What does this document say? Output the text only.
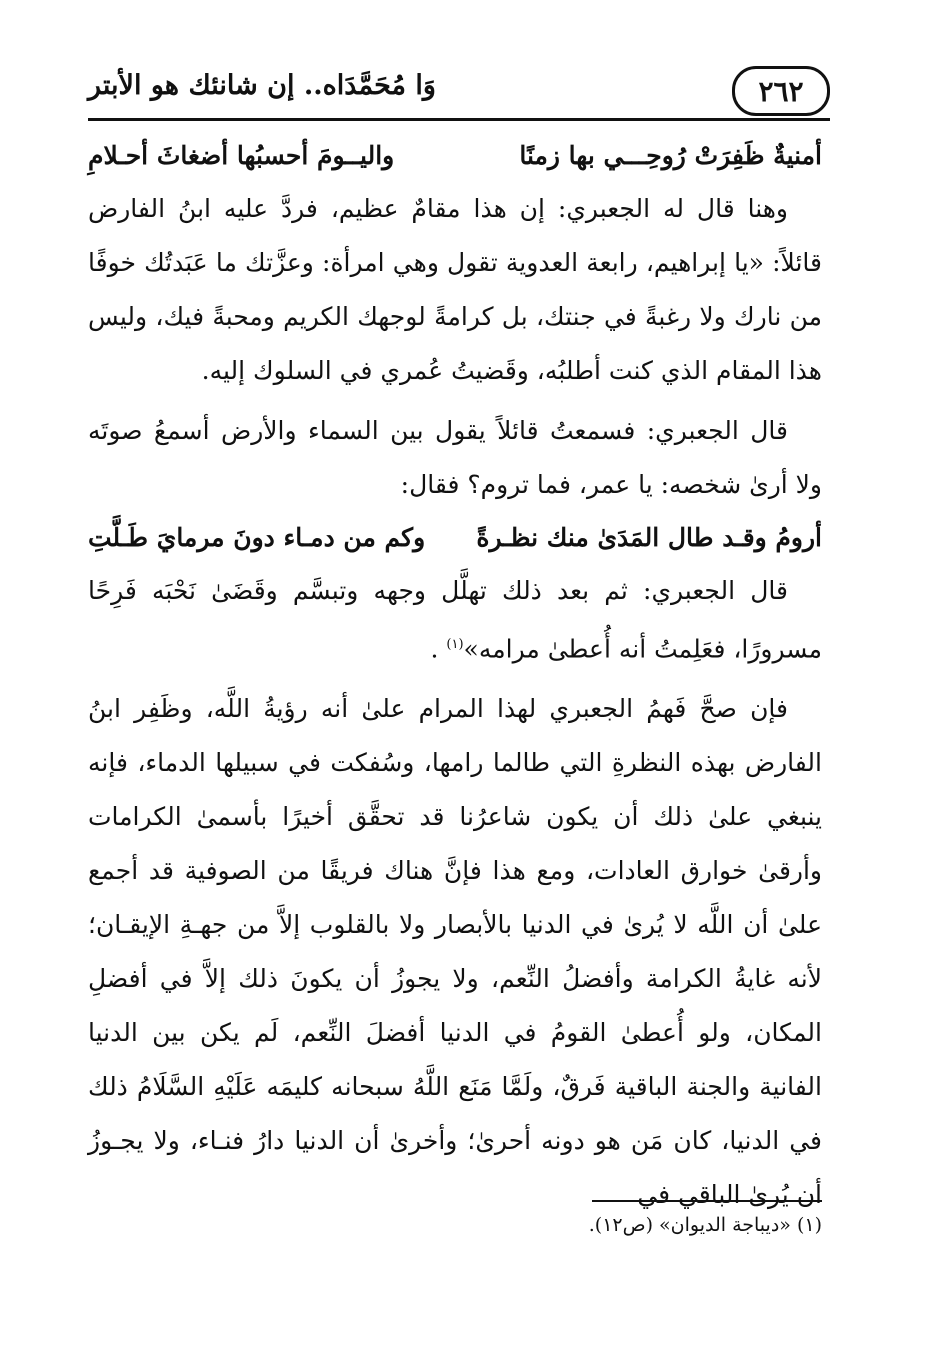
٢٦٢
وَا مُحَمَّدَاه.. إن شانئك هو الأبتر
أمنيةٌ ظَفِرَتْ رُوحِـــي بها زمنًا
واليــومَ أحسبُها أضغاثَ أحـلامِ

وهنا قال له الجعبري: إن هذا مقامٌ عظيم، فردَّ عليه ابنُ الفارض قائلاً: «يا إبراهيم، رابعة العدوية تقول وهي امرأة: وعزَّتك ما عَبَدتُك خوفًا من نارك ولا رغبةً في جنتك، بل كرامةً لوجهك الكريم ومحبةً فيك، وليس هذا المقام الذي كنت أطلبُه، وقَضيتُ عُمري في السلوك إليه.

قال الجعبري: فسمعتُ قائلاً يقول بين السماء والأرض أسمعُ صوتَه ولا أرىٰ شخصه: يا عمر، فما تروم؟ فقال:

أرومُ وقـد طال المَدَىٰ منك نظـرةً
وكم من دمـاء دونَ مرمايَ طَـلَّتِ

قال الجعبري: ثم بعد ذلك تهلَّل وجهه وتبسَّم وقَضَىٰ نَحْبَه فَرِحًا مسرورًا، فعَلِمتُ أنه أُعطىٰ مرامه»$^{(١)}$ .

فإن صحَّ فَهمُ الجعبري لهذا المرام علىٰ أنه رؤيةُ اللَّه، وظَفِر ابنُ الفارض بهذه النظرةِ التي طالما رامها، وسُفكت في سبيلها الدماء، فإنه ينبغي علىٰ ذلك أن يكون شاعرُنا قد تحقَّق أخيرًا بأسمىٰ الكرامات وأرقىٰ خوارق العادات، ومع هذا فإنَّ هناك فريقًا من الصوفية قد أجمع علىٰ أن اللَّه لا يُرىٰ في الدنيا بالأبصار ولا بالقلوب إلاَّ من جهـةِ الإيقـان؛ لأنه غايةُ الكرامة وأفضلُ النِّعم، ولا يجوزُ أن يكونَ ذلك إلاَّ في أفضلِ المكان، ولو أُعطىٰ القومُ في الدنيا أفضلَ النِّعم، لَم يكن بين الدنيا الفانية والجنة الباقية فَرقٌ، ولَمَّا مَنَع اللَّهُ سبحانه كليمَه عَلَيْهِ السَّلَامُ ذلك في الدنيا، كان مَن هو دونه أحرىٰ؛ وأخرىٰ أن الدنيا دارُ فنـاء، ولا يجـوزُ أن يُرىٰ الباقي في

(١) «ديباجة الديوان» (ص١٢).
